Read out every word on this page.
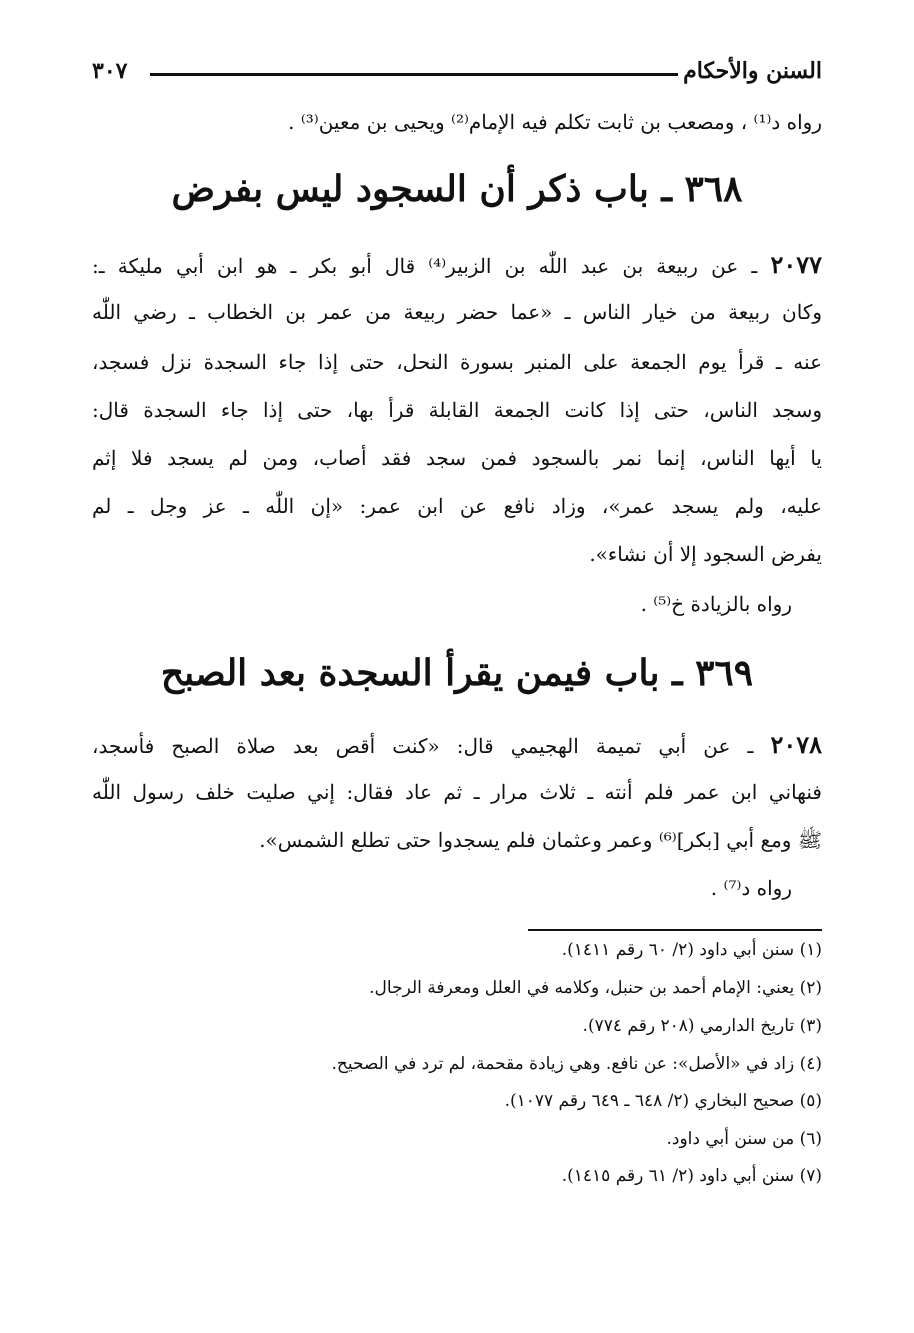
السنن والأحكام
٣٠٧
رواه د⁽¹⁾ ، ومصعب بن ثابت تكلم فيه الإمام⁽²⁾ ويحيى بن معين⁽³⁾ .
٣٦٨ ـ باب ذكر أن السجود ليس بفرض
٢٠٧٧ ـ عن ربيعة بن عبد اللّٰه بن الزبير⁽⁴⁾ قال أبو بكر ـ هو ابن أبي مليكة ـ:
وكان ربيعة من خيار الناس ـ «عما حضر ربيعة من عمر بن الخطاب ـ رضي اللّٰه
عنه ـ قرأ يوم الجمعة على المنبر بسورة النحل، حتى إذا جاء السجدة نزل فسجد،
وسجد الناس، حتى إذا كانت الجمعة القابلة قرأ بها، حتى إذا جاء السجدة قال:
يا أيها الناس، إنما نمر بالسجود فمن سجد فقد أصاب، ومن لم يسجد فلا إثم
عليه، ولم يسجد عمر»، وزاد نافع عن ابن عمر: «إن اللّٰه ـ عز وجل ـ لم
يفرض السجود إلا أن نشاء».
رواه بالزيادة خ⁽⁵⁾ .
٣٦٩ ـ باب فيمن يقرأ السجدة بعد الصبح
٢٠٧٨ ـ عن أبي تميمة الهجيمي قال: «كنت أقص بعد صلاة الصبح فأسجد،
فنهاني ابن عمر فلم أنته ـ ثلاث مرار ـ ثم عاد فقال: إني صليت خلف رسول اللّٰه
ﷺ ومع أبي [بكر]⁽⁶⁾ وعمر وعثمان فلم يسجدوا حتى تطلع الشمس».
رواه د⁽⁷⁾ .
(١) سنن أبي داود (٢/ ٦٠ رقم ١٤١١).
(٢) يعني: الإمام أحمد بن حنبل، وكلامه في العلل ومعرفة الرجال.
(٣) تاريخ الدارمي (٢٠٨ رقم ٧٧٤).
(٤) زاد في «الأصل»: عن نافع. وهي زيادة مقحمة، لم ترد في الصحيح.
(٥) صحيح البخاري (٢/ ٦٤٨ ـ ٦٤٩ رقم ١٠٧٧).
(٦) من سنن أبي داود.
(٧) سنن أبي داود (٢/ ٦١ رقم ١٤١٥).
